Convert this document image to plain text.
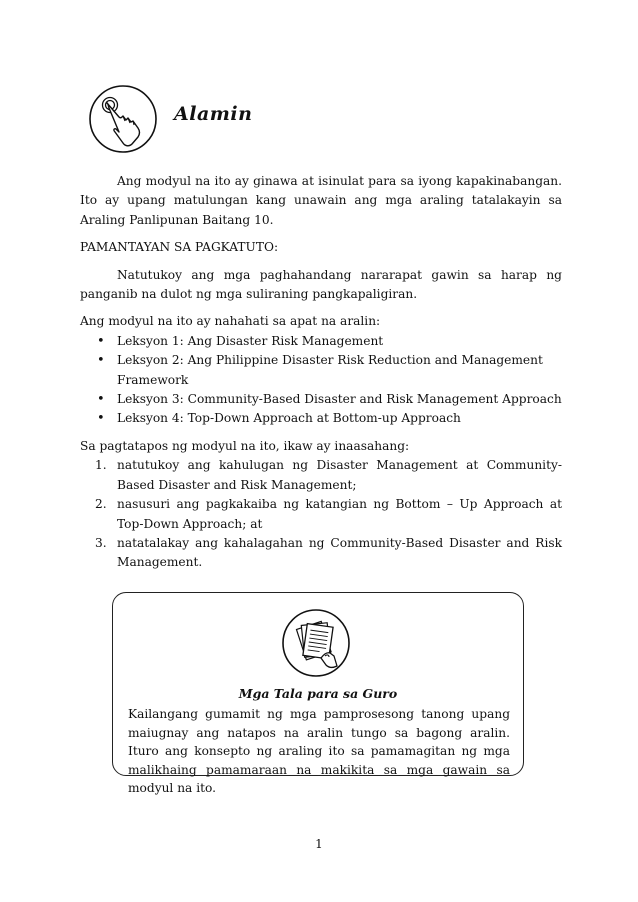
Alamin

Ang modyul na ito ay ginawa at isinulat para sa iyong kapakinabangan. Ito ay upang matulungan kang unawain ang mga araling tatalakayin sa Araling Panlipunan Baitang 10.

PAMANTAYAN SA PAGKATUTO:

Natutukoy ang mga paghahandang nararapat gawin sa harap ng panganib na dulot ng mga suliraning pangkapaligiran.

Ang modyul na ito ay nahahati sa apat na aralin:

• Leksyon 1: Ang Disaster Risk Management
• Leksyon 2: Ang Philippine Disaster Risk Reduction and Management Framework
• Leksyon 3: Community-Based Disaster and Risk Management Approach
• Leksyon 4: Top-Down Approach at Bottom-up Approach

Sa pagtatapos ng modyul na ito, ikaw ay inaasahang:

1. natutukoy ang kahulugan ng Disaster Management at Community-Based Disaster and Risk Management;
2. nasusuri ang pagkakaiba ng katangian ng Bottom – Up Approach at Top-Down Approach; at
3. natatalakay ang kahalagahan ng Community-Based Disaster and Risk Management.
Mga Tala para sa Guro
Kailangang gumamit ng mga pamprosesong tanong upang maiugnay ang natapos na aralin tungo sa bagong aralin. Ituro ang konsepto ng araling ito sa pamamagitan ng mga malikhaing pamamaraan na makikita sa mga gawain sa modyul na ito.
1
